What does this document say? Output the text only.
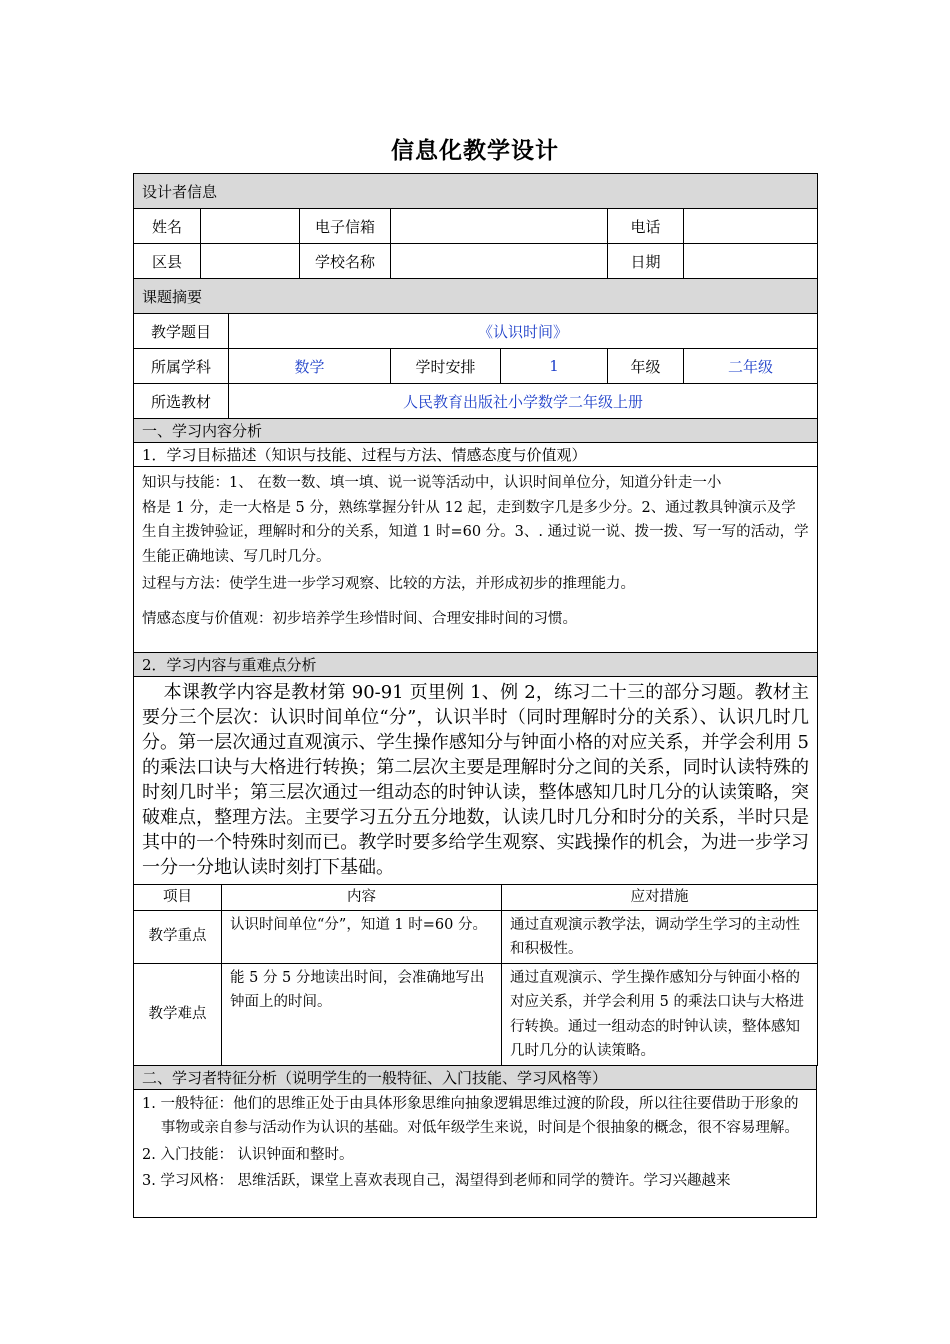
信息化教学设计
设计者信息							
姓名			电子信箱			电话	
区县			学校名称			日期	
课题摘要							
教学题目		《认识时间》					
所属学科		数学		学时安排	1	年级	二年级
所选教材		人民教育出版社小学数学二年级上册					
一、学习内容分析							
1．学习目标描述（知识与技能、过程与方法、情感态度与价值观）							

知识与技能：1、 在数一数、填一填、说一说等活动中，认识时间单位分，知道分针走一小

格是 1 分，走一大格是 5 分，熟练掌握分针从 12 起，走到数字几是多少分。2、通过教具钟演示及学生自主拨钟验证，理解时和分的关系，知道 1 时=60 分。3、. 通过说一说、拨一拨、写一写的活动，学生能正确地读、写几时几分。

过程与方法：使学生进一步学习观察、比较的方法，并形成初步的推理能力。

情感态度与价值观：初步培养学生珍惜时间、合理安排时间的习惯。							

2．学习内容与重难点分析							

本课教学内容是教材第 90-91 页里例 1、例 2，练习二十三的部分习题。教材主要分三个层次：认识时间单位“分”，认识半时（同时理解时分的关系）、认识几时几分。第一层次通过直观演示、学生操作感知分与钟面小格的对应关系，并学会利用 5 的乘法口诀与大格进行转换；第二层次主要是理解时分之间的关系，同时认读特殊的时刻几时半；第三层次通过一组动态的时钟认读，整体感知几时几分的认读策略，突破难点，整理方法。主要学习五分五分地数，认读几时几分和时分的关系，半时只是其中的一个特殊时刻而已。教学时要多给学生观察、实践操作的机会，为进一步学习一分一分地认读时刻打下基础。							

项目	内容	应对措施
教学重点	认识时间单位“分”，知道 1 时=60 分。	通过直观演示教学法，调动学生学习的主动性和积极性。
教学难点	能 5 分 5 分地读出时间，会准确地写出钟面上的时间。	通过直观演示、学生操作感知分与钟面小格的对应关系，并学会利用 5 的乘法口诀与大格进行转换。通过一组动态的时钟认读，整体感知几时几分的认读策略。
二、学习者特征分析（说明学生的一般特征、入门技能、学习风格等）

1. 一般特征：他们的思维正处于由具体形象思维向抽象逻辑思维过渡的阶段，所以往往要借助于形象的事物或亲自参与活动作为认识的基础。对低年级学生来说，时间是个很抽象的概念，很不容易理解。

2. 入门技能： 认识钟面和整时。

3. 学习风格： 思维活跃，课堂上喜欢表现自己，渴望得到老师和同学的赞许。学习兴趣越来
